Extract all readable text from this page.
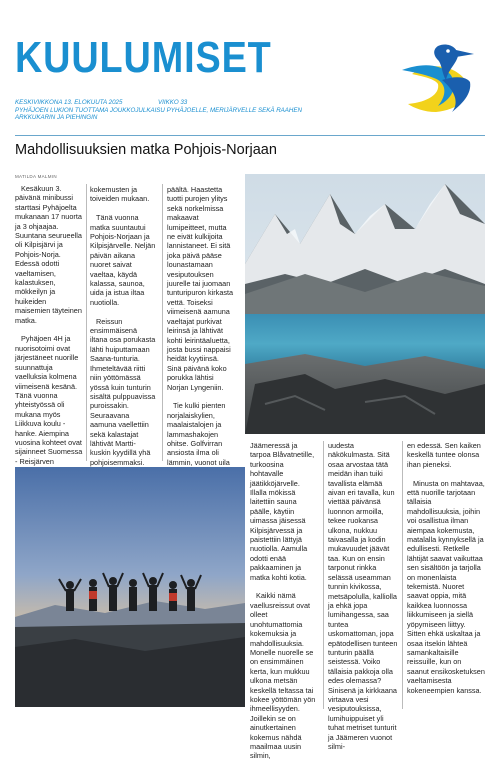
KUULUMISET
KESKIVIIKKONA 13. ELOKUUTA 2025	VIIKKO 33
PYHÄJOEN LUKION TUOTTAMA JOUKKOJULKAISU PYHÄJOELLE, MERIJÄRVELLE SEKÄ RAAHEN ARKKUKARIN JA PIEHINGIN
Mahdollisuuksien matka Pohjois-Norjaan
MATILDA MALMIN

Kesäkuun 3. päivänä minibussi starttasi Pyhäjoelta mukanaan 17 nuorta ja 3 ohjaajaa. Suuntana seurueella oli Kilpisjärvi ja Pohjois-Norja. Edessä odotti vaeltamisen, kalastuksen, mökkeilyn ja huikeiden maisemien täyteinen matka.

Pyhäjoen 4H ja nuorisotoimi ovat järjestäneet nuorille suunnattuja vaelluksia kolmena viimeisenä kesänä. Tänä vuonna yhteistyössä oli mukana myös Liikkuva koulu -hanke. Aiempina vuosina kohteet ovat sijainneet Suomessa - Reisjärven

kokemusten ja toiveiden mukaan.

Tänä vuonna matka suuntautui Pohjois-Norjaan ja Kilpisjärvelle. Neljän päivän aikana nuoret saivat vaeltaa, käydä kalassa, saunoa, uida ja istua iltaa nuotiolla.

Reissun ensimmäisenä iltana osa porukasta lähti huiputtamaan Saana-tunturia. Ihmeteltävää riitti niin yöttömässä yössä kuin tunturin sisältä pulppuavissa puroissakin. Seuraavana aamuna vaellettiin sekä kalastajat lähtivät Martti-kuskin kyydillä yhä pohjoisemmaksi.

päältä. Haastetta tuotti purojen ylitys sekä norkelmissa makaavat lumipeitteet, mutta ne eivät kulkijoita lannistaneet. Ei sitä joka päivä pääse lounastamaan vesiputouksen juurelle tai juomaan tunturipuron kirkasta vettä. Toiseksi viimeisenä aamuna vaeltajat purkivat leirinsä ja lähtivät kohti leirintäaluetta, josta bussi nappaisi heidät kyytiinsä. Sinä päivänä koko porukka lähtisi Norjan Lyngeniin.

Tie kulki pienten norjalaiskylien, maalaistalojen ja lammashakojen ohitse. Golfvirran ansiosta ilma oli lämmin, vuonot uila

Jäämeressä ja tarpoa Blåvatnetille, turkoosina hohtavalle jäätikköjärvelle. Illalla mökissä laitettiin sauna päälle, käytiin uimassa jäisessä Kilpisjärvessä ja paistettiin lättyjä nuotiolla. Aamulla odotti enää pakkaaminen ja matka kohti kotia.

Kaikki nämä vaellusreissut ovat olleet unohtumattomia kokemuksia ja mahdollisuuksia. Monelle nuorelle se on ensimmäinen kerta, kun mukkuu ulkona metsän keskellä teltassa tai kokee yöttömän yön ihmeellisyyden. Joillekin se on ainutkertainen kokemus nähdä maailmaa uusin silmin,

uudesta näkökulmasta. Sitä osaa arvostaa tätä meidän ihan tuiki tavallista elämää aivan eri tavalla, kun viettää päivänsä luonnon armoilla, tekee ruokansa ulkona, nukkuu taivasalla ja kodin mukavuudet jäävät taa. Kun on ensin tarponut rinkka selässä useamman tunnin kivikossa, metsäpolulla, kalliolla ja ehkä jopa lumihangessa, saa tuntea uskomattoman, jopa epätodellisen tunteen tunturin päällä seistessä. Voiko tällaisia pakkoja olla edes olemassa? Sinisenä ja kirkkaana virtaava vesi vesiputouksissa, lumihuippuiset yli tuhat metriset tunturit ja Jäämeren vuonot silmi-

en edessä. Sen kaiken keskellä tuntee olonsa ihan pieneksi.

Minusta on mahtavaa, että nuorille tarjotaan tällaisia mahdollisuuksia, joihin voi osallistua ilman aiempaa kokemusta, matalalla kynnyksellä ja edullisesti. Retkelle lähtijät saavat vaikuttaa sen sisältöön ja tarjolla on monenlaista tekemistä. Nuoret saavat oppia, mitä kaikkea luonnossa liikkumiseen ja siellä yöpymiseen liittyy. Sitten ehkä uskaltaa ja osaa itsekin lähteä samankaltaisille reissuille, kun on saanut ensikosketuksen vaeltamisesta kokeneempien kanssa.
